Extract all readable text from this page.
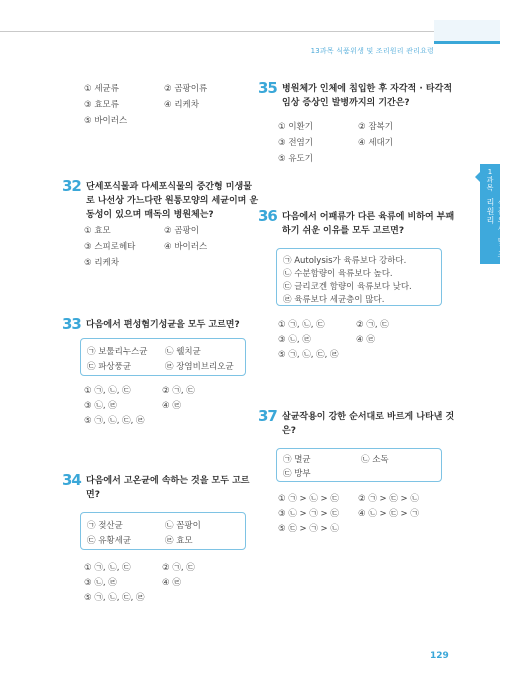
13과목 식품위생 및 조리원리 관리요령
1
과목
식품위생 및 조리원리
① 세균류	② 곰팡이류
③ 효모류	④ 리케차
⑤ 바이러스
32 단세포식물과 다세포식물의 중간형 미생물
로 나선상 가느다란 원통모양의 세균이며 운
동성이 있으며 매독의 병원체는?
① 효모	② 곰팡이
③ 스피로헤타	④ 바이러스
⑤ 리케차
33 다음에서 편성혐기성균을 모두 고르면?
㉠ 보툴리누스균 ㉡ 웰치균
㉢ 파상풍균	㉣ 장염비브리오균
① ㉠, ㉡, ㉢	② ㉠, ㉢
③ ㉡, ㉣	④ ㉣
⑤ ㉠, ㉡, ㉢, ㉣
34 다음에서 고온균에 속하는 것을 모두 고르
면?
㉠ 젖산균	㉡ 꼼팡이
㉢ 유황세균	㉣ 효모
① ㉠, ㉡, ㉢	② ㉠, ㉢
③ ㉡, ㉣	④ ㉣
⑤ ㉠, ㉡, ㉢, ㉣
35 병원체가 인체에 침입한 후 자각적 · 타각적
임상 증상인 발병까지의 기간은?
① 이환기	② 잠복기
③ 전염기	④ 세대기
⑤ 유도기
36 다음에서 어패류가 다른 육류에 비하여 부패
하기 쉬운 이유를 모두 고르면?
㉠ Autolysis가 육류보다 강하다.
㉡ 수분함량이 육류보다 높다.
㉢ 글리코겐 함량이 육류보다 낮다.
㉣ 육류보다 세균층이 많다.
① ㉠, ㉡, ㉢	② ㉠, ㉢
③ ㉡, ㉣	④ ㉣
⑤ ㉠, ㉡, ㉢, ㉣
37 살균작용이 강한 순서대로 바르게 나타낸 것
은?
㉠ 멸균	㉡ 소독
㉢ 방부
① ㉠ > ㉡ > ㉢ ② ㉠ > ㉢ > ㉡
③ ㉡ > ㉠ > ㉢ ④ ㉡ > ㉢ > ㉠
⑤ ㉢ > ㉠ > ㉡
129
